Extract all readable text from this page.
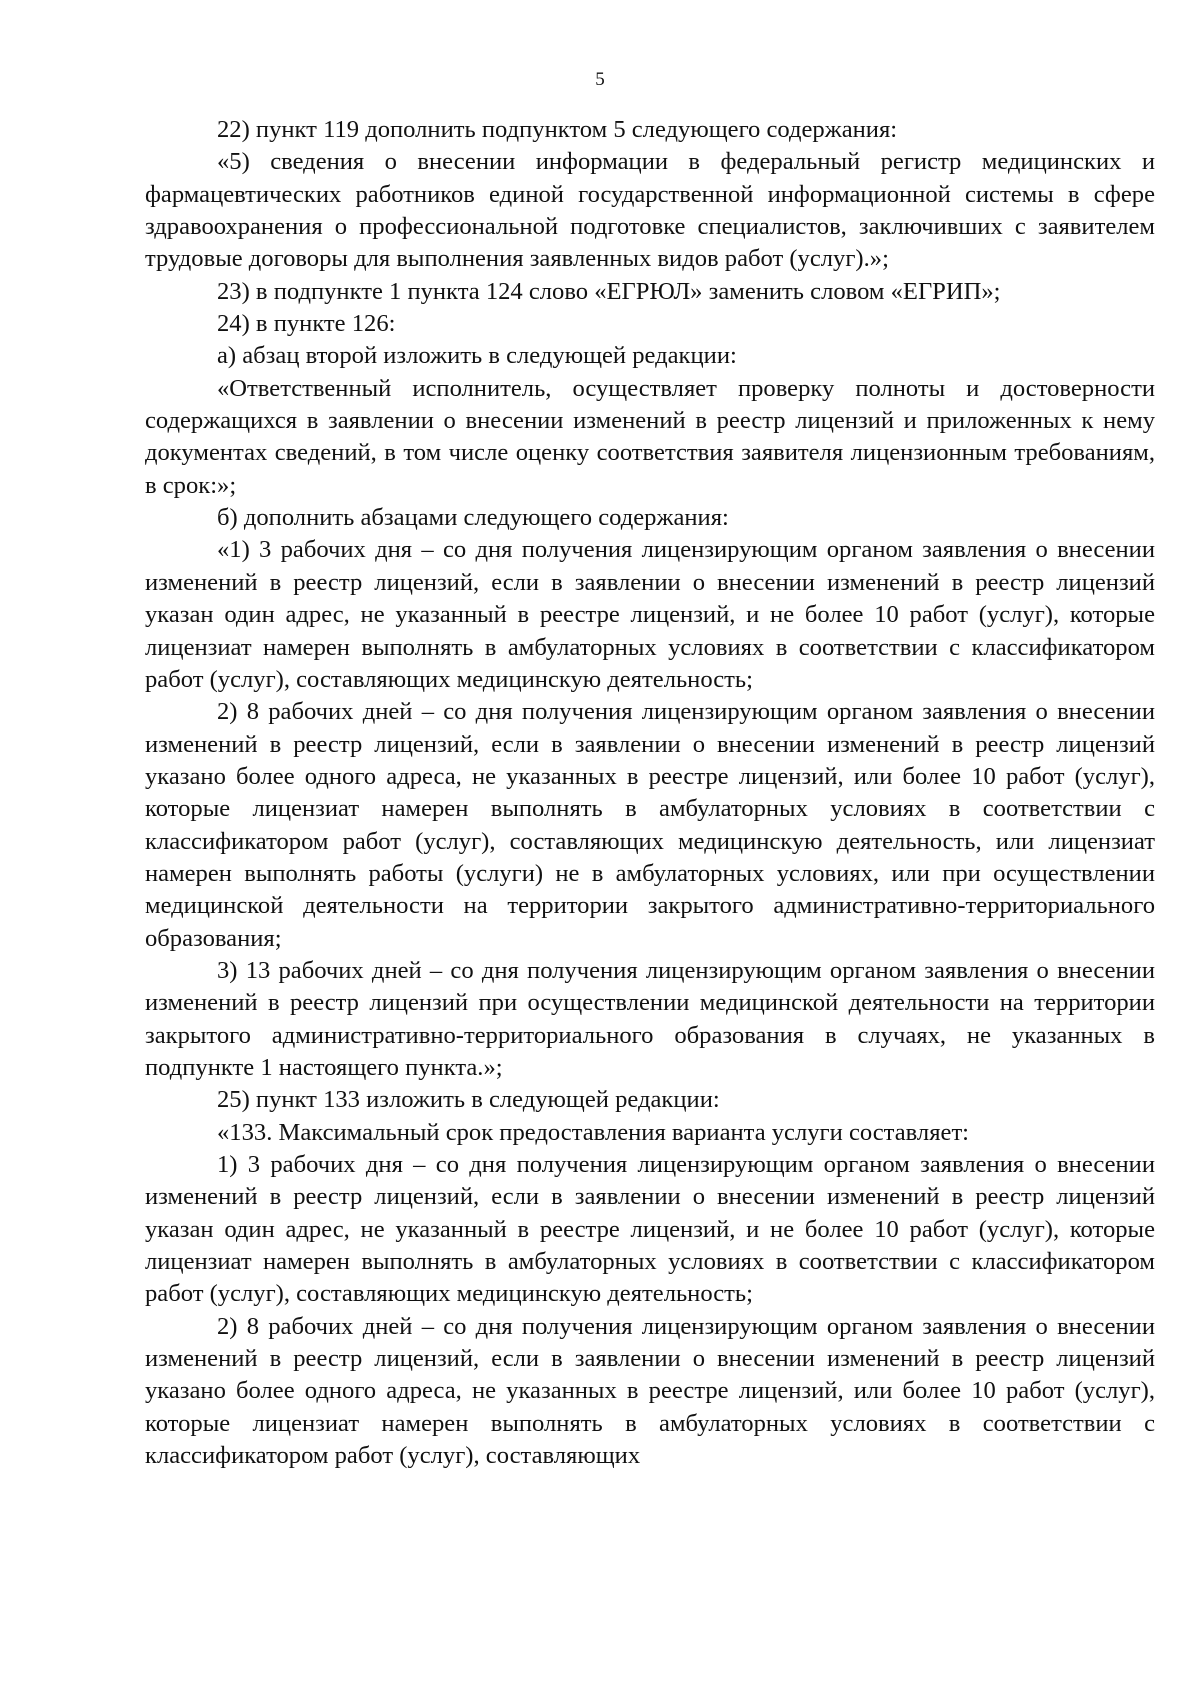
5

22) пункт 119 дополнить подпунктом 5 следующего содержания:

«5) сведения о внесении информации в федеральный регистр медицинских и фармацевтических работников единой государственной информационной системы в сфере здравоохранения о профессиональной подготовке специалистов, заключивших с заявителем трудовые договоры для выполнения заявленных видов работ (услуг).»;

23) в подпункте 1 пункта 124 слово «ЕГРЮЛ» заменить словом «ЕГРИП»;

24) в пункте 126:

а) абзац второй изложить в следующей редакции:

«Ответственный исполнитель, осуществляет проверку полноты и достоверности содержащихся в заявлении о внесении изменений в реестр лицензий и приложенных к нему документах сведений, в том числе оценку соответствия заявителя лицензионным требованиям, в срок:»;

б) дополнить абзацами следующего содержания:

«1) 3 рабочих дня – со дня получения лицензирующим органом заявления о внесении изменений в реестр лицензий, если в заявлении о внесении изменений в реестр лицензий указан один адрес, не указанный в реестре лицензий, и не более 10 работ (услуг), которые лицензиат намерен выполнять в амбулаторных условиях в соответствии с классификатором работ (услуг), составляющих медицинскую деятельность;

2) 8 рабочих дней – со дня получения лицензирующим органом заявления о внесении изменений в реестр лицензий, если в заявлении о внесении изменений в реестр лицензий указано более одного адреса, не указанных в реестре лицензий, или более 10 работ (услуг), которые лицензиат намерен выполнять в амбулаторных условиях в соответствии с классификатором работ (услуг), составляющих медицинскую деятельность, или лицензиат намерен выполнять работы (услуги) не в амбулаторных условиях, или при осуществлении медицинской деятельности на территории закрытого административно-территориального образования;

3) 13 рабочих дней – со дня получения лицензирующим органом заявления о внесении изменений в реестр лицензий при осуществлении медицинской деятельности на территории закрытого административно-территориального образования в случаях, не указанных в подпункте 1 настоящего пункта.»;

25) пункт 133 изложить в следующей редакции:

«133. Максимальный срок предоставления варианта услуги составляет:

1) 3 рабочих дня – со дня получения лицензирующим органом заявления о внесении изменений в реестр лицензий, если в заявлении о внесении изменений в реестр лицензий указан один адрес, не указанный в реестре лицензий, и не более 10 работ (услуг), которые лицензиат намерен выполнять в амбулаторных условиях в соответствии с классификатором работ (услуг), составляющих медицинскую деятельность;

2) 8 рабочих дней – со дня получения лицензирующим органом заявления о внесении изменений в реестр лицензий, если в заявлении о внесении изменений в реестр лицензий указано более одного адреса, не указанных в реестре лицензий, или более 10 работ (услуг), которые лицензиат намерен выполнять в амбулаторных условиях в соответствии с классификатором работ (услуг), составляющих
